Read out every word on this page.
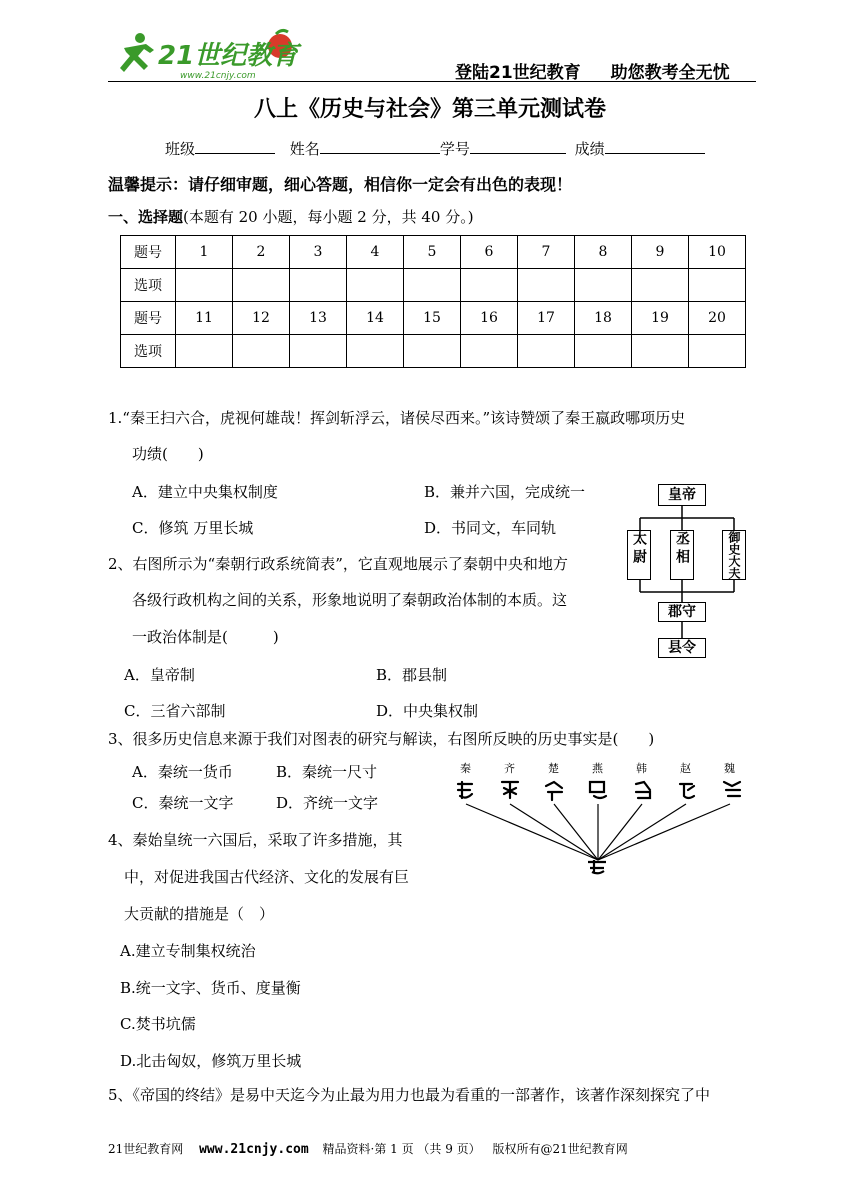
21世纪教育
www.21cnjy.com	登陆21世纪教育 助您教考全无忧
八上《历史与社会》第三单元测试卷
班级	姓名	学号	成绩
温馨提示：请仔细审题，细心答题，相信你一定会有出色的表现！
一、选择题(本题有 20 小题，每小题 2 分，共 40 分。)
题号	1	2	3	4	5	6	7	8	9	10
选项										
题号	11	12	13	14	15	16	17	18	19	20
选项										
1.“秦王扫六合，虎视何雄哉！挥剑斩浮云，诸侯尽西来。”该诗赞颂了秦王嬴政哪项历史
功绩(　　)
A．建立中央集权制度	B．兼并六国，完成统一
C．修筑 万里长城	D．书同文，车同轨
皇帝
太尉 丞相	御史大夫
郡守
县令
2、右图所示为“秦朝行政系统简表”，它直观地展示了秦朝中央和地方
各级行政机构之间的关系，形象地说明了秦朝政治体制的本质。这
一政治体制是(　　　)
A．皇帝制	B．郡县制
C．三省六部制	D．中央集权制
3、很多历史信息来源于我们对图表的研究与解读，右图所反映的历史事实是(　　)
A．秦统一货币	B．秦统一尺寸
C．秦统一文字	D．齐统一文字
秦	齐	楚	燕	韩	赵	魏
4、秦始皇统一六国后，采取了许多措施，其
中，对促进我国古代经济、文化的发展有巨
大贡献的措施是（　）
A.建立专制集权统治
B.统一文字、货币、度量衡
C.焚书坑儒
D.北击匈奴，修筑万里长城
5、《帝国的终结》是易中天迄今为止最为用力也最为看重的一部著作，该著作深刻探究了中
21世纪教育网 www.21cnjy.com 精品资料·第 1 页 （共 9 页） 版权所有@21世纪教育网
